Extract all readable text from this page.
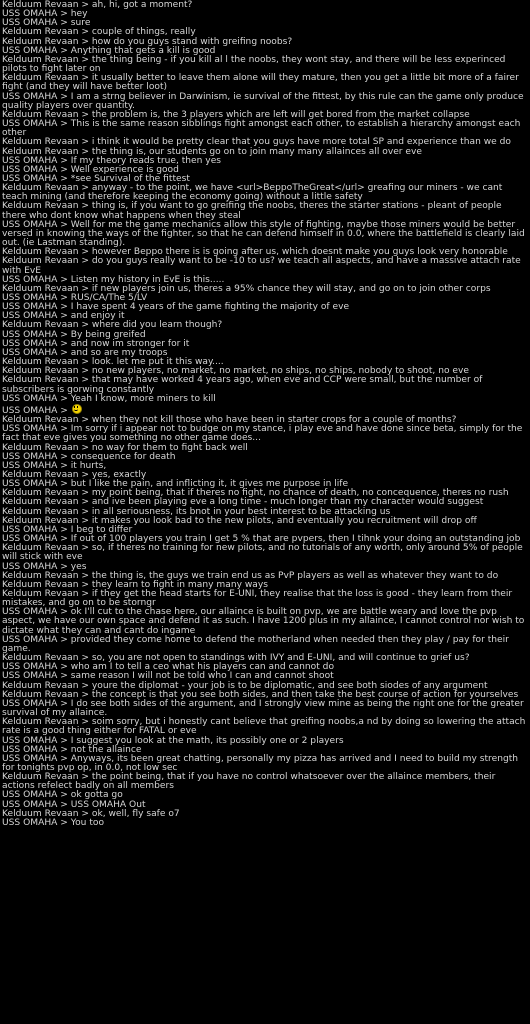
Kelduum Revaan > ah, hi, got a moment?
USS OMAHA > hey
USS OMAHA > sure
Kelduum Revaan > couple of things, really
Kelduum Revaan > how do you guys stand with greifing noobs?
USS OMAHA > Anything that gets a kill is good
Kelduum Revaan > the thing being - if you kill al l the noobs, they wont stay, and there will be less experinced pilots to fight later on
Kelduum Revaan > it usually better to leave them alone will they mature, then you get a little bit more of a fairer fight (and they will have better loot)
USS OMAHA > I am a strng believer in Darwinism, ie survival of the fittest, by this rule can the game only produce quality players over quantity.
Kelduum Revaan > the problem is, the 3 players which are left will get bored from the market collapse
USS OMAHA > This is the same reason sibblings fight amongst each other, to establish a hierarchy amongst each other
Kelduum Revaan > i think it would be pretty clear that you guys have more total SP and experience than we do
Kelduum Revaan > the thing is, our students go on to join many many allainces all over eve
USS OMAHA > If my theory reads true, then yes
USS OMAHA > Well experience is good
USS OMAHA > *see Survival of the fittest
Kelduum Revaan > anyway - to the point, we have <url>BeppoTheGreat</url> greafing our miners - we cant teach mining (and therefore keeping the economy going) without a little safety
Kelduum Revaan > thing is, if you want to go greifing the noobs, theres the starter stations - pleant of people there who dont know what happens when they steal
USS OMAHA > Well for me the game mechanics allow this style of fighting, maybe those miners would be better versed in knowing the ways of the fighter, so that he can defend himself in 0.0, where the battlefield is clearly laid out. (ie Lastman standing).
Kelduum Revaan > however Beppo there is is going after us, which doesnt make you guys look very honorable
Kelduum Revaan > do you guys really want to be -10 to us? we teach all aspects, and have a massive attach rate with EvE
USS OMAHA > Listen my history in EvE is this.....
Kelduum Revaan > if new players join us, theres a 95% chance they will stay, and go on to join other corps
USS OMAHA > RUS/CA/The 5/LV
USS OMAHA > I have spent 4 years of the game fighting the majority of eve
USS OMAHA > and enjoy it
Kelduum Revaan > where did you learn though?
USS OMAHA > By being greifed
USS OMAHA > and now im stronger for it
USS OMAHA > and so are my troops
Kelduum Revaan > look. let me put it this way....
Kelduum Revaan > no new players, no market, no market, no ships, no ships, nobody to shoot, no eve
Kelduum Revaan > that may have worked 4 years ago, when eve and CCP were small, but the number of subscribers is gorwing constantly
USS OMAHA > Yeah I know, more miners to kill
USS OMAHA >
Kelduum Revaan > when they not kill those who have been in starter crops for a couple of months?
USS OMAHA > Im sorry if i appear not to budge on my stance, i play eve and have done since beta, simply for the fact that eve gives you something no other game does...
Kelduum Revaan > no way for them to fight back well
USS OMAHA > consequence for death
USS OMAHA > it hurts,
Kelduum Revaan > yes, exactly
USS OMAHA > but I like the pain, and inflicting it, it gives me purpose in life
Kelduum Revaan > my point being, that if theres no fight, no chance of death, no concequence, theres no rush
Kelduum Revaan > and ive been playing eve a long time - much longer than my character would suggest
Kelduum Revaan > in all seriousness, its bnot in your best interest to be attacking us
Kelduum Revaan > it makes you look bad to the new pilots, and eventually you recruitment will drop off
USS OMAHA > I beg to differ
USS OMAHA > If out of 100 players you train I get 5 % that are pvpers, then I tihnk your doing an outstanding job
Kelduum Revaan > so, if theres no training for new pilots, and no tutorials of any worth, only around 5% of people will stick with eve
USS OMAHA > yes
Kelduum Revaan > the thing is, the guys we train end us as PvP players as well as whatever they want to do
Kelduum Revaan > they learn to fight in many many ways
Kelduum Revaan > if they get the head starts for E-UNI, they realise that the loss is good - they learn from their mistakes, and go on to be storngr
USS OMAHA > ok I'll cut to the chase here, our allaince is built on pvp, we are battle weary and love the pvp aspect, we have our own space and defend it as such. I have 1200 plus in my allaince, I cannot control nor wish to dictate what they can and cant do ingame
USS OMAHA > provided they come home to defend the motherland when needed then they play / pay for their game.
Kelduum Revaan > so, you are not open to standings with IVY and E-UNI, and will continue to grief us?
USS OMAHA > who am I to tell a ceo what his players can and cannot do
USS OMAHA > same reason I will not be told who I can and cannot shoot
Kelduum Revaan > youre the diplomat - your job is to be diplomatic, and see both siodes of any argument
Kelduum Revaan > the concept is that you see both sides, and then take the best course of action for yourselves
USS OMAHA > I do see both sides of the argument, and I strongly view mine as being the right one for the greater survival of my allaince.
Kelduum Revaan > soim sorry, but i honestly cant believe that greifing noobs,a nd by doing so lowering the attach rate is a good thing either for FATAL or eve
USS OMAHA > I suggest you look at the math, its possibly one or 2 players
USS OMAHA > not the allaince
USS OMAHA > Anyways, its been great chatting, personally my pizza has arrived and I need to build my strength for tonights pvp op, in 0.0, not low sec
Kelduum Revaan > the point being, that if you have no control whatsoever over the allaince members, their actions refelect badly on all members
USS OMAHA > ok gotta go
USS OMAHA > USS OMAHA Out
Kelduum Revaan > ok, well, fly safe o7
USS OMAHA > You too
